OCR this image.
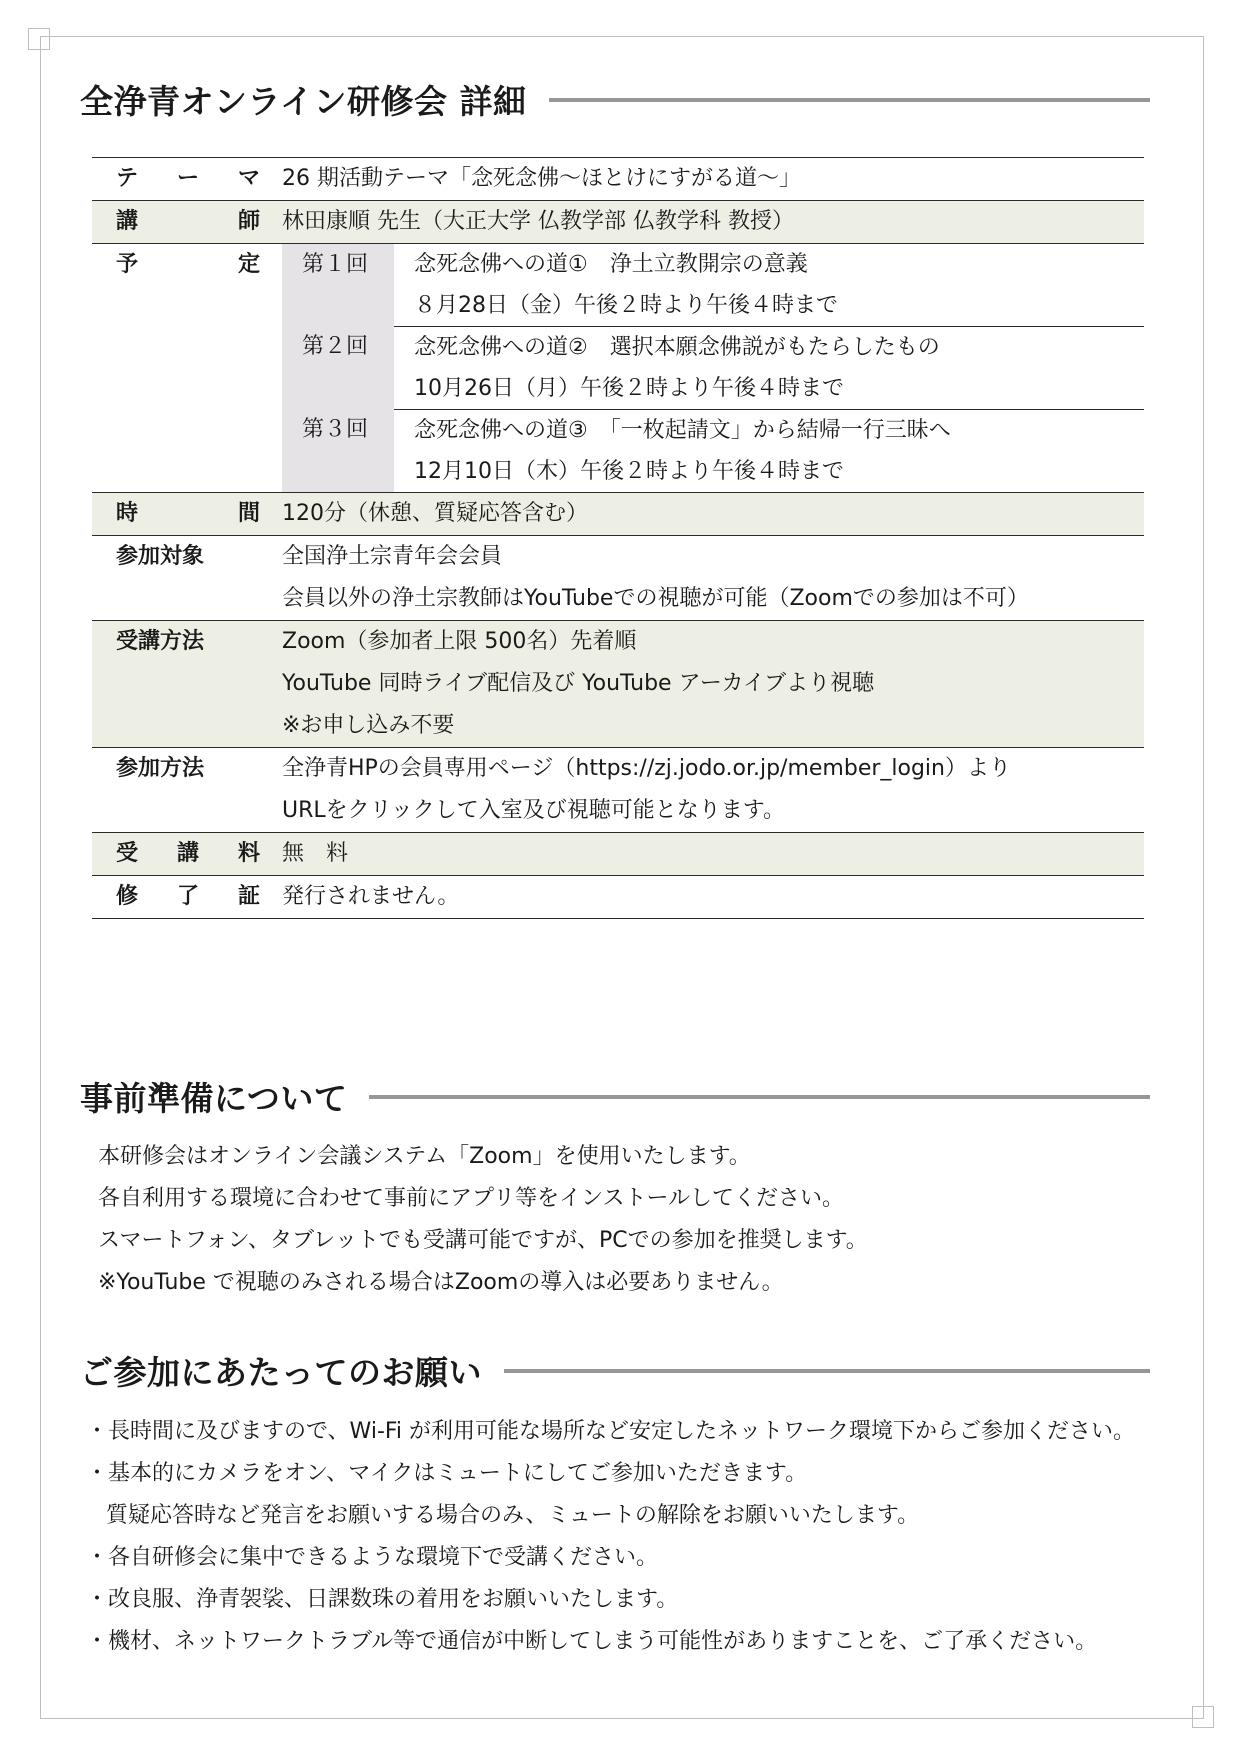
全浄青オンライン研修会 詳細
テ ー マ 26 期活動テーマ「念死念佛～ほとけにすがる道～」
講	師 林田康順 先生（大正大学 仏教学部 仏教学科 教授）
予	定	第１回	念死念佛への道①　浄土立教開宗の意義
８月28日（金）午後２時より午後４時まで
第２回	念死念佛への道②　選択本願念佛説がもたらしたもの
10月26日（月）午後２時より午後４時まで
第３回	念死念佛への道③　「一枚起請文」から結帰一行三昧へ
12月10日（木）午後２時より午後４時まで
時	間 120分（休憩、質疑応答含む）
参加対象	全国浄土宗青年会会員
会員以外の浄土宗教師はYouTubeでの視聴が可能（Zoomでの参加は不可）
受講方法	Zoom（参加者上限 500名）先着順
YouTube 同時ライブ配信及び YouTube アーカイブより視聴
※お申し込み不要
参加方法	全浄青HPの会員専用ページ（https://zj.jodo.or.jp/member_login）より
URLをクリックして入室及び視聴可能となります。
受 講 料 無　料
修 了 証 発行されません。
事前準備について
本研修会はオンライン会議システム「Zoom」を使用いたします。
各自利用する環境に合わせて事前にアプリ等をインストールしてください。
スマートフォン、タブレットでも受講可能ですが、PCでの参加を推奨します。
※YouTube で視聴のみされる場合はZoomの導入は必要ありません。
ご参加にあたってのお願い
・長時間に及びますので、Wi-Fi が利用可能な場所など安定したネットワーク環境下からご参加ください。
・基本的にカメラをオン、マイクはミュートにしてご参加いただきます。
質疑応答時など発言をお願いする場合のみ、ミュートの解除をお願いいたします。
・各自研修会に集中できるような環境下で受講ください。
・改良服、浄青袈裟、日課数珠の着用をお願いいたします。
・機材、ネットワークトラブル等で通信が中断してしまう可能性がありますことを、ご了承ください。
